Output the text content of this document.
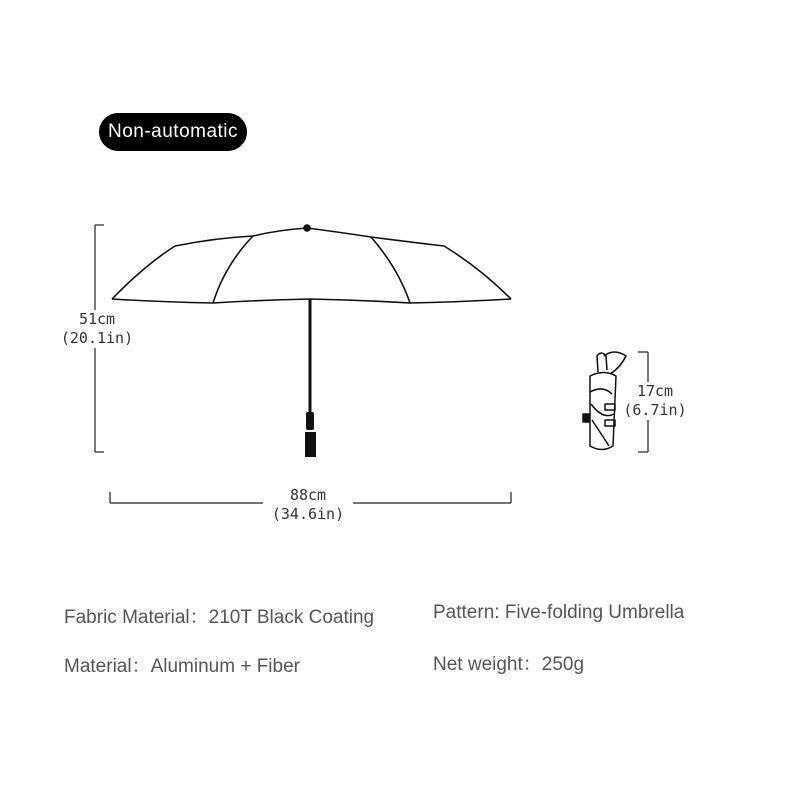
Non-automatic
51cm
(20.1in)
88cm
(34.6in)
17cm
(6.7in)
Fabric Material：210T Black Coating	Pattern: Five-folding Umbrella
Material：Aluminum + Fiber	Net weight：250g
